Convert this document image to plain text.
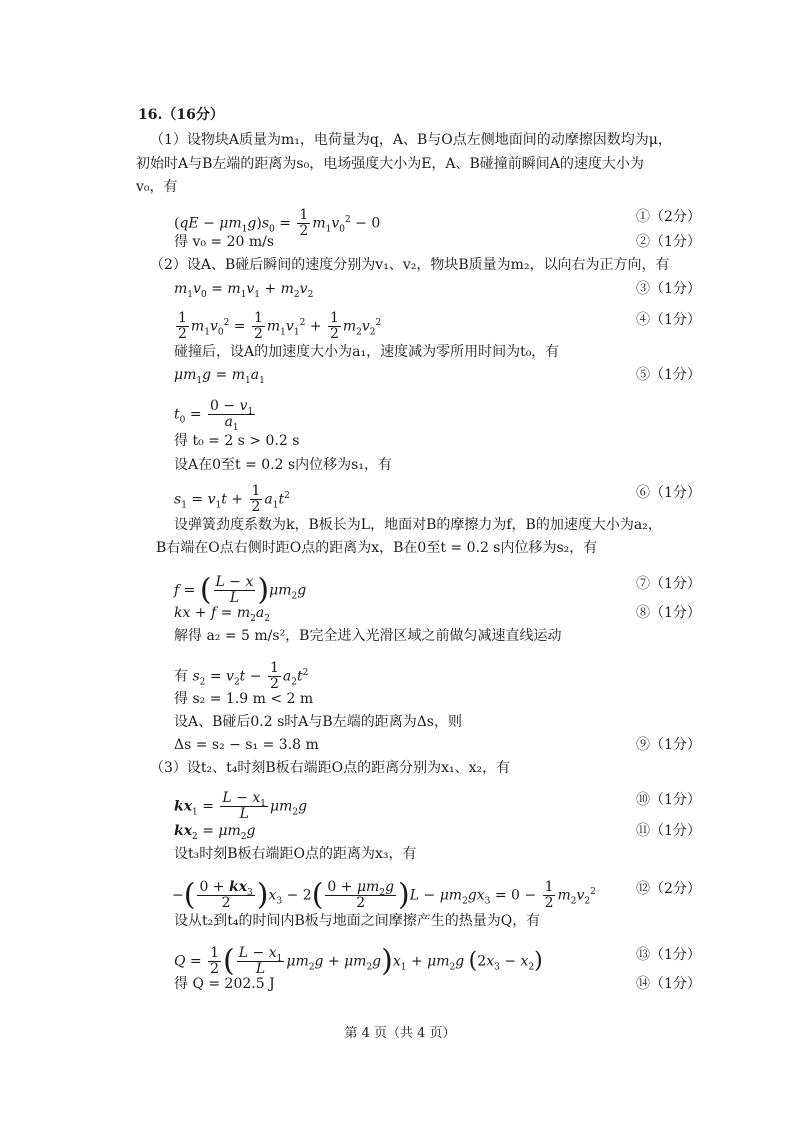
16.（16分）
（1）设物块A质量为m₁，电荷量为q，A、B与O点左侧地面间的动摩擦因数均为μ，
初始时A与B左端的距离为s₀，电场强度大小为E，A、B碰撞前瞬间A的速度大小为
v₀，有
$(qE - \mu m_1g)s_0 = \frac{1}{2} m_1v_0^2 - 0$	①（2分）
得 v₀ = 20 m/s	②（1分）
（2）设A、B碰后瞬间的速度分别为v₁、v₂，物块B质量为m₂，以向右为正方向，有
$m_1v_0 = m_1v_1 + m_2v_2$	③（1分）
$\frac{1}{2} m_1v_0^2 = \frac{1}{2} m_1v_1^2 + \frac{1}{2} m_2v_2^2$	④（1分）
碰撞后，设A的加速度大小为a₁，速度减为零所用时间为t₀，有
$\mu m_1g = m_1a_1$	⑤（1分）
$t_0 = \frac{0 - v_1}{a_1}$
得 t₀ = 2 s > 0.2 s
设A在0至t = 0.2 s内位移为s₁，有
$s_1 = v_1t + \frac{1}{2} a_1t^2$	⑥（1分）
设弹簧劲度系数为k，B板长为L，地面对B的摩擦力为f，B的加速度大小为a₂，
B右端在O点右侧时距O点的距离为x，B在0至t = 0.2 s内位移为s₂，有
f = ( $\frac{L - x}{L} )\mu m_2g$	⑦（1分）
kx + $f = m_2a_2$	⑧（1分）
解得 a₂ = 5 m/s²，B完全进入光滑区域之前做匀减速直线运动
有 $s_2 = v_2t - \frac{1}{2} a_2t^2$
得 s₂ = 1.9 m < 2 m
设A、B碰后0.2 s时A与B左端的距离为Δs，则
Δs = s₂ − s₁ = 3.8 m	⑨（1分）
（3）设t₂、t₄时刻B板右端距O点的距离分别为x₁、x₂，有
$kx_1 = \frac{L - x_1}{L} \mu m_2g$	⑩（1分）
$kx_2 = \mu m_2g$	⑪（1分）
设t₃时刻B板右端距O点的距离为x₃，有
−( $\frac{0 + kx_3}{2} )x_3 - 2( \frac{0 + \mu m_2g}{2} )L - \mu m_2gx_3 = 0 - \frac{1}{2} m_2v_2^2$	⑫（2分）
设从t₂到t₄的时间内B板与地面之间摩擦产生的热量为Q，有
$Q = \frac{1}{2}$ ( $\frac{L - x_1}{L} \mu m_2g + \mu m_2g)x_1 + \mu m_2g$ $(2x_3 - x_2)$	⑬（1分）
得 Q = 202.5 J	⑭（1分）
第 4 页（共 4 页）
